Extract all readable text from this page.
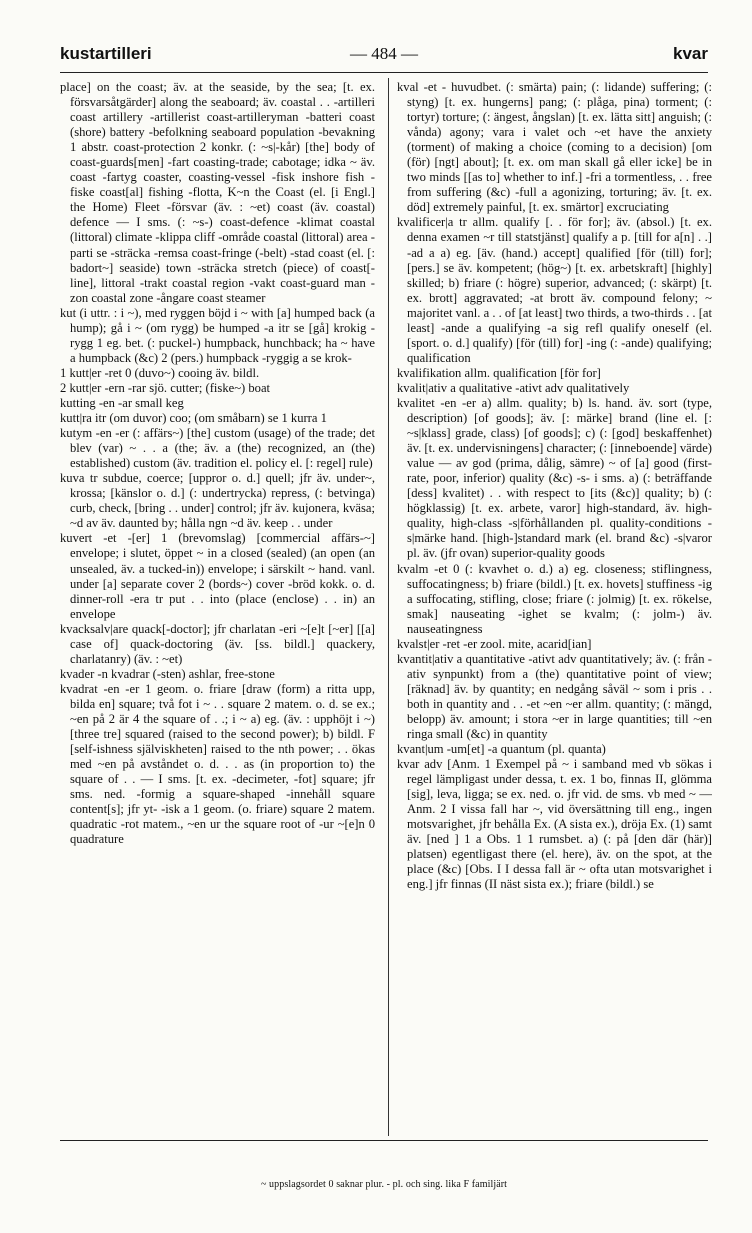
kustartilleri	— 484 —	kvar

place] on the coast; äv. at the seaside, by the sea; [t. ex. försvarsåtgärder] along the seaboard; äv. coastal . . -artilleri coast artillery -artillerist coast-artilleryman -batteri coast (shore) battery -befolkning seaboard population -bevakning 1 abstr. coast-protection 2 konkr. (: ~s|-kår) [the] body of coast-guards[men] -fart coasting-trade; cabotage; idka ~ äv. coast -fartyg coaster, coasting-vessel -fisk inshore fish -fiske coast[al] fishing -flotta, K~n the Coast (el. [i Engl.] the Home) Fleet -försvar (äv. : ~et) coast (äv. coastal) defence — I sms. (: ~s-) coast-defence -klimat coastal (littoral) climate -klippa cliff -område coastal (littoral) area -parti se -sträcka -remsa coast-fringe (-belt) -stad coast (el. [: badort~] seaside) town -sträcka stretch (piece) of coast[-line], littoral -trakt coastal region -vakt coast-guard man -zon coastal zone -ångare coast steamer

kut (i uttr. : i ~), med ryggen böjd i ~ with [a] humped back (a hump); gå i ~ (om rygg) be humped -a itr se [gå] krokig -rygg 1 eg. bet. (: puckel-) humpback, hunchback; ha ~ have a humpback (&c) 2 (pers.) humpback -ryggig a se krok-

1 kutt|er -ret 0 (duvo~) cooing äv. bildl.

2 kutt|er -ern -rar sjö. cutter; (fiske~) boat

kutting -en -ar small keg

kutt|ra itr (om duvor) coo; (om småbarn) se 1 kurra 1

kutym -en -er (: affärs~) [the] custom (usage) of the trade; det blev (var) ~ . . a (the; äv. a (the) recognized, an (the) established) custom (äv. tradition el. policy el. [: regel] rule)

kuva tr subdue, coerce; [uppror o. d.] quell; jfr äv. under~, krossa; [känslor o. d.] (: undertrycka) repress, (: betvinga) curb, check, [bring . . under] control; jfr äv. kujonera, kväsa; ~d av äv. daunted by; hålla ngn ~d äv. keep . . under

kuvert -et -[er] 1 (brevomslag) [commercial affärs-~] envelope; i slutet, öppet ~ in a closed (sealed) (an open (an unsealed, äv. a tucked-in)) envelope; i särskilt ~ hand. vanl. under [a] separate cover 2 (bords~) cover -bröd kokk. o. d. dinner-roll -era tr put . . into (place (enclose) . . in) an envelope

kvacksalv|are quack[-doctor]; jfr charlatan -eri ~[e]t [~er] [[a] case of] quack-doctoring (äv. [ss. bildl.] quackery, charlatanry) (äv. : ~et)

kvader -n kvadrar (-sten) ashlar, free-stone

kvadrat -en -er 1 geom. o. friare [draw (form) a ritta upp, bilda en] square; två fot i ~ . . square 2 matem. o. d. se ex.; ~en på 2 är 4 the square of . .; i ~ a) eg. (äv. : upphöjt i ~) [three tre] squared (raised to the second power); b) bildl. F [self-ishness själviskheten] raised to the nth power; . . ökas med ~en på avståndet o. d. . . as (in proportion to) the square of . . — I sms. [t. ex. -decimeter, -fot] square; jfr sms. ned. -formig a square-shaped -innehåll square content[s]; jfr yt- -isk a 1 geom. (o. friare) square 2 matem. quadratic -rot matem., ~en ur the square root of -ur ~[e]n 0 quadrature

kval -et - huvudbet. (: smärta) pain; (: lidande) suffering; (: styng) [t. ex. hungerns] pang; (: plåga, pina) torment; (: tortyr) torture; (: ängest, ångslan) [t. ex. lätta sitt] anguish; (: vånda) agony; vara i valet och ~et have the anxiety (torment) of making a choice (coming to a decision) [om (för) [ngt] about]; [t. ex. om man skall gå eller icke] be in two minds [[as to] whether to inf.] -fri a tormentless, . . free from suffering (&c) -full a agonizing, torturing; äv. [t. ex. död] extremely painful, [t. ex. smärtor] excruciating

kvalificer|a tr allm. qualify [. . för for]; äv. (absol.) [t. ex. denna examen ~r till statstjänst] qualify a p. [till for a[n] . .] -ad a a) eg. [äv. (hand.) accept] qualified [för (till) for]; [pers.] se äv. kompetent; (hög~) [t. ex. arbetskraft] [highly] skilled; b) friare (: högre) superior, advanced; (: skärpt) [t. ex. brott] aggravated; -at brott äv. compound felony; ~ majoritet vanl. a . . of [at least] two thirds, a two-thirds . . [at least] -ande a qualifying -a sig refl qualify oneself (el. [sport. o. d.] qualify) [för (till) for] -ing (: -ande) qualifying; qualification

kvalifikation allm. qualification [för for]

kvalit|ativ a qualitative -ativt adv qualitatively

kvalitet -en -er a) allm. quality; b) ls. hand. äv. sort (type, description) [of goods]; äv. [: märke] brand (line el. [: ~s|klass] grade, class) [of goods]; c) (: [god] beskaffenhet) äv. [t. ex. undervisningens] character; (: [inneboende] värde) value — av god (prima, dålig, sämre) ~ of [a] good (first-rate, poor, inferior) quality (&c) -s- i sms. a) (: beträffande [dess] kvalitet) . . with respect to [its (&c)] quality; b) (: högklassig) [t. ex. arbete, varor] high-standard, äv. high-quality, high-class -s|förhållanden pl. quality-conditions -s|märke hand. [high-]standard mark (el. brand &c) -s|varor pl. äv. (jfr ovan) superior-quality goods

kvalm -et 0 (: kvavhet o. d.) a) eg. closeness; stiflingness, suffocatingness; b) friare (bildl.) [t. ex. hovets] stuffiness -ig a suffocating, stifling, close; friare (: jolmig) [t. ex. rökelse, smak] nauseating -ighet se kvalm; (: jolm-) äv. nauseatingness

kvalst|er -ret -er zool. mite, acarid[ian]

kvantit|ativ a quantitative -ativt adv quantitatively; äv. (: från -ativ synpunkt) from a (the) quantitative point of view; [räknad] äv. by quantity; en nedgång såväl ~ som i pris . . both in quantity and . . -et ~en ~er allm. quantity; (: mängd, belopp) äv. amount; i stora ~er in large quantities; till ~en ringa small (&c) in quantity

kvant|um -um[et] -a quantum (pl. quanta)

kvar adv [Anm. 1 Exempel på ~ i samband med vb sökas i regel lämpligast under dessa, t. ex. 1 bo, finnas II, glömma [sig], leva, ligga; se ex. ned. o. jfr vid. de sms. vb med ~ — Anm. 2 I vissa fall har ~, vid översättning till eng., ingen motsvarighet, jfr behålla Ex. (A sista ex.), dröja Ex. (1) samt äv. [ned ] 1 a Obs. 1 1 rumsbet. a) (: på [den där (här)] platsen) egentligast there (el. here), äv. on the spot, at the place (&c) [Obs. I I dessa fall är ~ ofta utan motsvarighet i eng.] jfr finnas (II näst sista ex.); friare (bildl.) se

~ uppslagsordet 0 saknar plur. - pl. och sing. lika F familjärt
